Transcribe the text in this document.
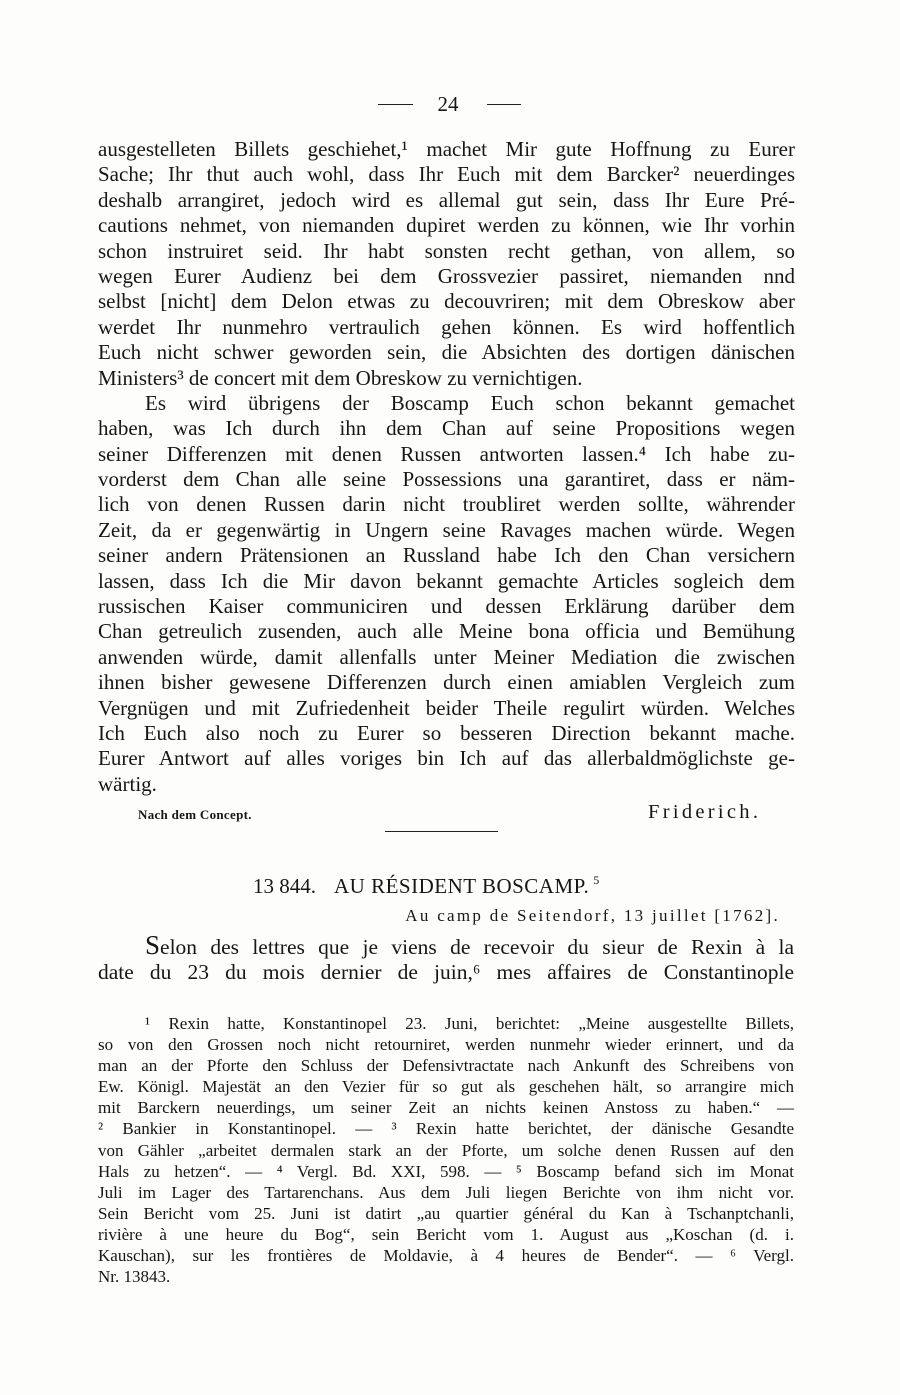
24
ausgestelleten Billets geschiehet,¹ machet Mir gute Hoffnung zu Eurer
Sache; Ihr thut auch wohl, dass Ihr Euch mit dem Barcker² neuerdinges
deshalb arrangiret, jedoch wird es allemal gut sein, dass Ihr Eure Pré-
cautions nehmet, von niemanden dupiret werden zu können, wie Ihr vorhin
schon instruiret seid. Ihr habt sonsten recht gethan, von allem, so
wegen Eurer Audienz bei dem Grossvezier passiret, niemanden nnd
selbst [nicht] dem Delon etwas zu decouvriren; mit dem Obreskow aber
werdet Ihr nunmehro vertraulich gehen können. Es wird hoffentlich
Euch nicht schwer geworden sein, die Absichten des dortigen dänischen
Ministers³ de concert mit dem Obreskow zu vernichtigen.
Es wird übrigens der Boscamp Euch schon bekannt gemachet
haben, was Ich durch ihn dem Chan auf seine Propositions wegen
seiner Differenzen mit denen Russen antworten lassen.⁴ Ich habe zu-
vorderst dem Chan alle seine Possessions una garantiret, dass er näm-
lich von denen Russen darin nicht troubliret werden sollte, währender
Zeit, da er gegenwärtig in Ungern seine Ravages machen würde. Wegen
seiner andern Prätensionen an Russland habe Ich den Chan versichern
lassen, dass Ich die Mir davon bekannt gemachte Articles sogleich dem
russischen Kaiser communiciren und dessen Erklärung darüber dem
Chan getreulich zusenden, auch alle Meine bona officia und Bemühung
anwenden würde, damit allenfalls unter Meiner Mediation die zwischen
ihnen bisher gewesene Differenzen durch einen amiablen Vergleich zum
Vergnügen und mit Zufriedenheit beider Theile regulirt würden. Welches
Ich Euch also noch zu Eurer so besseren Direction bekannt mache.
Eurer Antwort auf alles voriges bin Ich auf das allerbaldmöglichste ge-
wärtig.
Nach dem Concept.	Friderich.
13 844. AU RÉSIDENT BOSCAMP. $^5$
Au camp de Seitendorf, 13 juillet [1762].
Selon des lettres que je viens de recevoir du sieur de Rexin à la
date du 23 du mois dernier de juin,⁶ mes affaires de Constantinople
¹ Rexin hatte, Konstantinopel 23. Juni, berichtet: „Meine ausgestellte Billets,
so von den Grossen noch nicht retourniret, werden nunmehr wieder erinnert, und da
man an der Pforte den Schluss der Defensivtractate nach Ankunft des Schreibens von
Ew. Königl. Majestät an den Vezier für so gut als geschehen hält, so arrangire mich
mit Barckern neuerdings, um seiner Zeit an nichts keinen Anstoss zu haben.“ —
² Bankier in Konstantinopel. — ³ Rexin hatte berichtet, der dänische Gesandte
von Gähler „arbeitet dermalen stark an der Pforte, um solche denen Russen auf den
Hals zu hetzen“. — ⁴ Vergl. Bd. XXI, 598. — ⁵ Boscamp befand sich im Monat
Juli im Lager des Tartarenchans. Aus dem Juli liegen Berichte von ihm nicht vor.
Sein Bericht vom 25. Juni ist datirt „au quartier général du Kan à Tschanptchanli,
rivière à une heure du Bog“, sein Bericht vom 1. August aus „Koschan (d. i.
Kauschan), sur les frontières de Moldavie, à 4 heures de Bender“. — ⁶ Vergl.
Nr. 13843.
